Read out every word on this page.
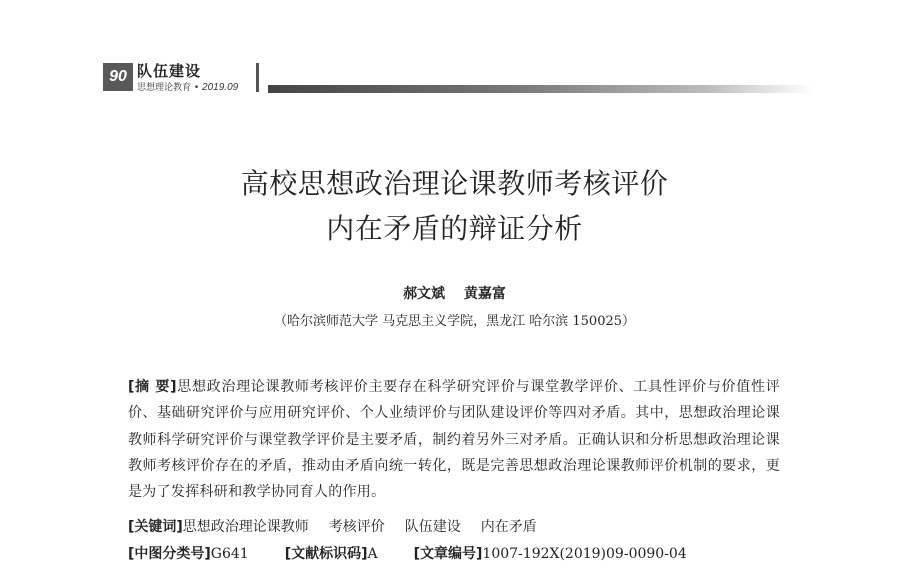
90 队伍建设
思想理论教育 • 2019.09
高校思想政治理论课教师考核评价
内在矛盾的辩证分析
郝文斌 黄嘉富
（哈尔滨师范大学 马克思主义学院，黑龙江 哈尔滨 150025）
[摘 要]思想政治理论课教师考核评价主要存在科学研究评价与课堂教学评价、工具性评价与价值性评价、基础研究评价与应用研究评价、个人业绩评价与团队建设评价等四对矛盾。其中，思想政治理论课教师科学研究评价与课堂教学评价是主要矛盾，制约着另外三对矛盾。正确认识和分析思想政治理论课教师考核评价存在的矛盾，推动由矛盾向统一转化，既是完善思想政治理论课教师评价机制的要求，更是为了发挥科研和教学协同育人的作用。
[关键词]思想政治理论课教师 考核评价 队伍建设 内在矛盾
[中图分类号]G641	[文献标识码]A	[文章编号]1007-192X(2019)09-0090-04
